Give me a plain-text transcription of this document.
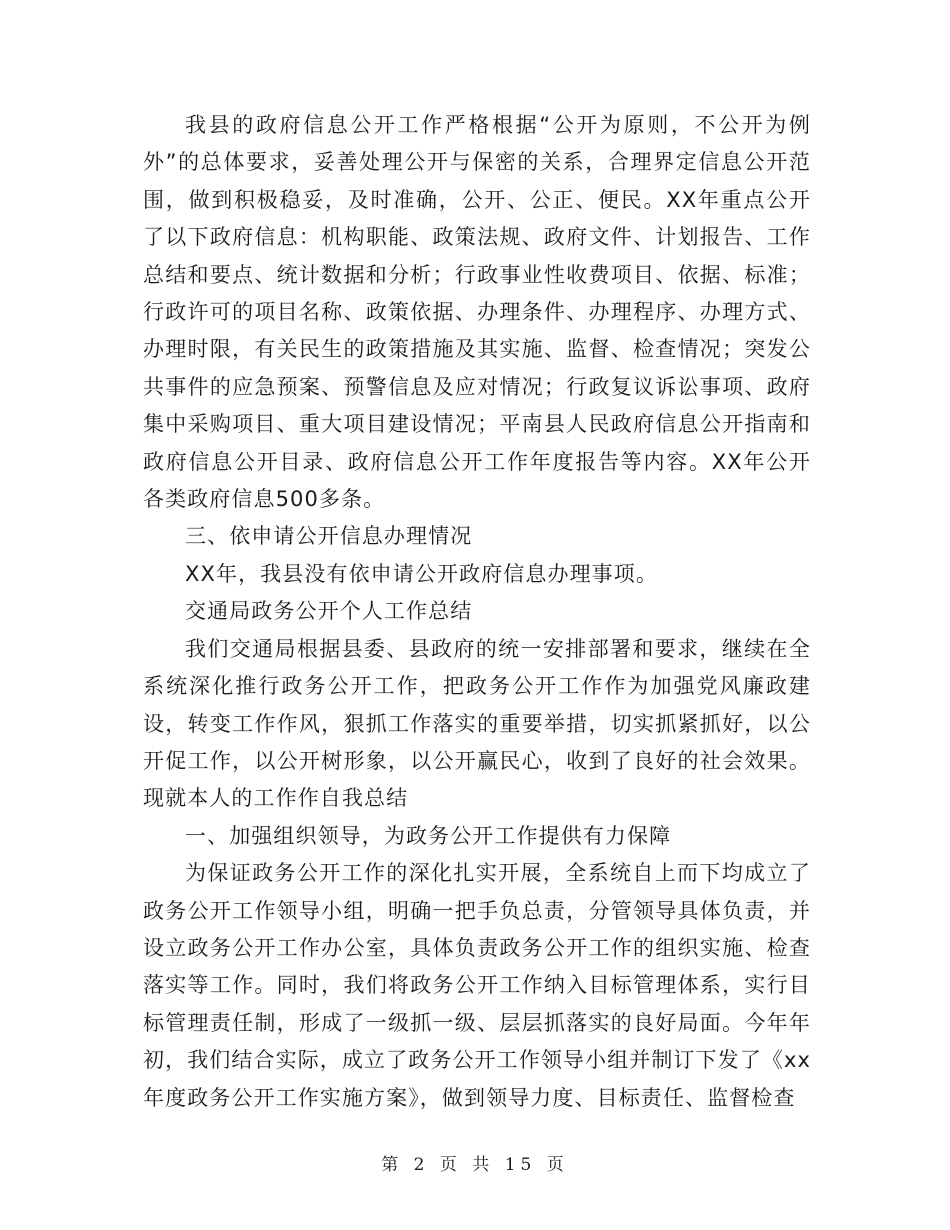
我县的政府信息公开工作严格根据“公开为原则，不公开为例外”的总体要求，妥善处理公开与保密的关系，合理界定信息公开范围，做到积极稳妥，及时准确，公开、公正、便民。XX年重点公开了以下政府信息：机构职能、政策法规、政府文件、计划报告、工作总结和要点、统计数据和分析；行政事业性收费项目、依据、标准；行政许可的项目名称、政策依据、办理条件、办理程序、办理方式、办理时限，有关民生的政策措施及其实施、监督、检查情况；突发公共事件的应急预案、预警信息及应对情况；行政复议诉讼事项、政府集中采购项目、重大项目建设情况；平南县人民政府信息公开指南和政府信息公开目录、政府信息公开工作年度报告等内容。XX年公开各类政府信息500多条。

三、依申请公开信息办理情况

XX年，我县没有依申请公开政府信息办理事项。

交通局政务公开个人工作总结

我们交通局根据县委、县政府的统一安排部署和要求，继续在全系统深化推行政务公开工作，把政务公开工作作为加强党风廉政建设，转变工作作风，狠抓工作落实的重要举措，切实抓紧抓好，以公开促工作，以公开树形象，以公开赢民心，收到了良好的社会效果。现就本人的工作作自我总结

一、加强组织领导，为政务公开工作提供有力保障

为保证政务公开工作的深化扎实开展，全系统自上而下均成立了政务公开工作领导小组，明确一把手负总责，分管领导具体负责，并设立政务公开工作办公室，具体负责政务公开工作的组织实施、检查落实等工作。同时，我们将政务公开工作纳入目标管理体系，实行目标管理责任制，形成了一级抓一级、层层抓落实的良好局面。今年年初，我们结合实际，成立了政务公开工作领导小组并制订下发了《xx年度政务公开工作实施方案》，做到领导力度、目标责任、监督检查

第 2 页 共 15 页
